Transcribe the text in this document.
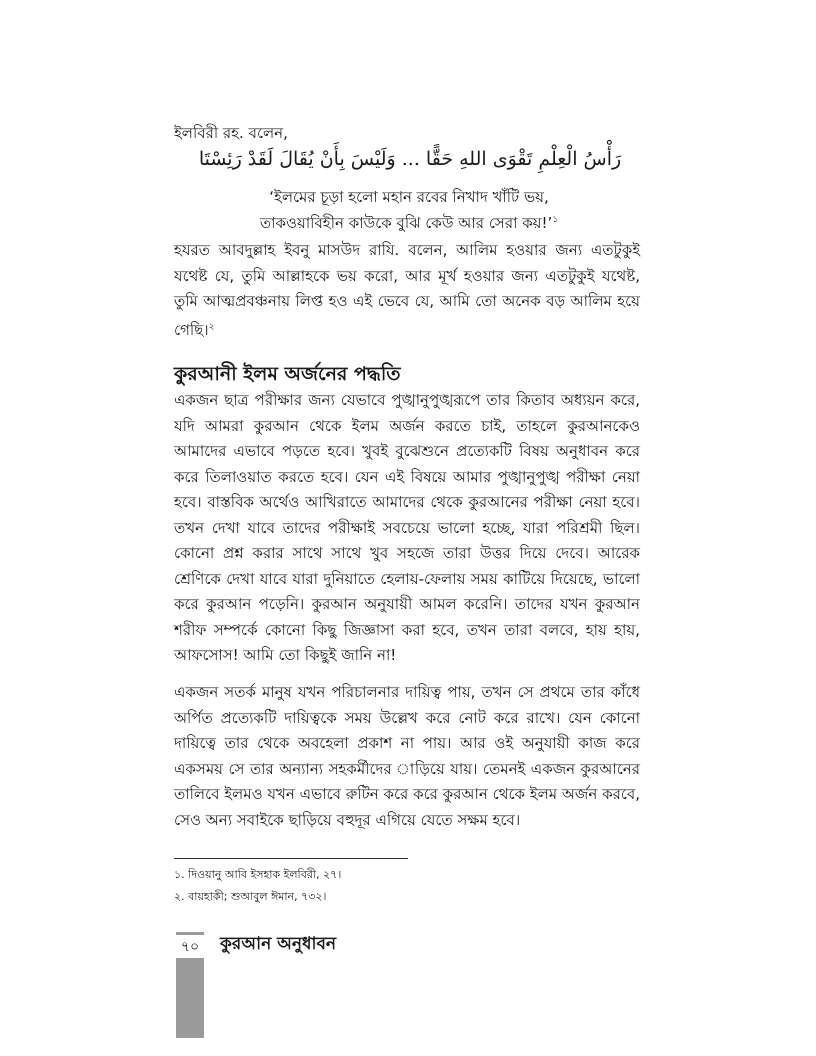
ইলবিরী রহ. বলেন,

رَأْسُ الْعِلْمِ تَقْوَى اللهِ حَقًّا ... وَلَيْسَ بِأَنْ يُقَالَ لَقَدْ رَئِسْتَا

‘ইলমের চূড়া হলো মহান রবের নিখাদ খাঁটি ভয়,
তাকওয়াবিহীন কাউকে বুঝি কেউ আর সেরা কয়!’$^১$

হযরত আবদুল্লাহ ইবনু মাসউদ রাযি. বলেন, আলিম হওয়ার জন্য এতটুকুই যথেষ্ট যে, তুমি আল্লাহকে ভয় করো, আর মূর্খ হওয়ার জন্য এতটুকুই যথেষ্ট, তুমি আত্মপ্রবঞ্চনায় লিপ্ত হও এই ভেবে যে, আমি তো অনেক বড় আলিম হয়ে গেছি।$^২$

কুরআনী ইলম অর্জনের পদ্ধতি

একজন ছাত্র পরীক্ষার জন্য যেভাবে পুঙ্খানুপুঙ্খরূপে তার কিতাব অধ্যয়ন করে, যদি আমরা কুরআন থেকে ইলম অর্জন করতে চাই, তাহলে কুরআনকেও আমাদের এভাবে পড়তে হবে। খুবই বুঝেশুনে প্রত্যেকটি বিষয় অনুধাবন করে করে তিলাওয়াত করতে হবে। যেন এই বিষয়ে আমার পুঙ্খানুপুঙ্খ পরীক্ষা নেয়া হবে। বাস্তবিক অর্থেও আখিরাতে আমাদের থেকে কুরআনের পরীক্ষা নেয়া হবে। তখন দেখা যাবে তাদের পরীক্ষাই সবচেয়ে ভালো হচ্ছে, যারা পরিশ্রমী ছিল। কোনো প্রশ্ন করার সাথে সাথে খুব সহজে তারা উত্তর দিয়ে দেবে। আরেক শ্রেণিকে দেখা যাবে যারা দুনিয়াতে হেলায়-ফেলায় সময় কাটিয়ে দিয়েছে, ভালো করে কুরআন পড়েনি। কুরআন অনুযায়ী আমল করেনি। তাদের যখন কুরআন শরীফ সম্পর্কে কোনো কিছু জিজ্ঞাসা করা হবে, তখন তারা বলবে, হায় হায়, আফসোস! আমি তো কিছুই জানি না!

একজন সতর্ক মানুষ যখন পরিচালনার দায়িত্ব পায়, তখন সে প্রথমে তার কাঁধে অর্পিত প্রত্যেকটি দায়িত্বকে সময় উল্লেখ করে নোট করে রাখে। যেন কোনো দায়িত্বে তার থেকে অবহেলা প্রকাশ না পায়। আর ওই অনুযায়ী কাজ করে একসময় সে তার অন্যান্য সহকর্মীদের াড়িয়ে যায়। তেমনই একজন কুরআনের তালিবে ইলমও যখন এভাবে রুটিন করে করে কুরআন থেকে ইলম অর্জন করবে, সেও অন্য সবাইকে ছাড়িয়ে বহুদূর এগিয়ে যেতে সক্ষম হবে।

১. দিওয়ানু আবি ইসহাক ইলবিরী, ২৭।

২. বায়হাকী; শুআবুল ঈমান, ৭৩২।

৭০ কুরআন অনুধাবন
